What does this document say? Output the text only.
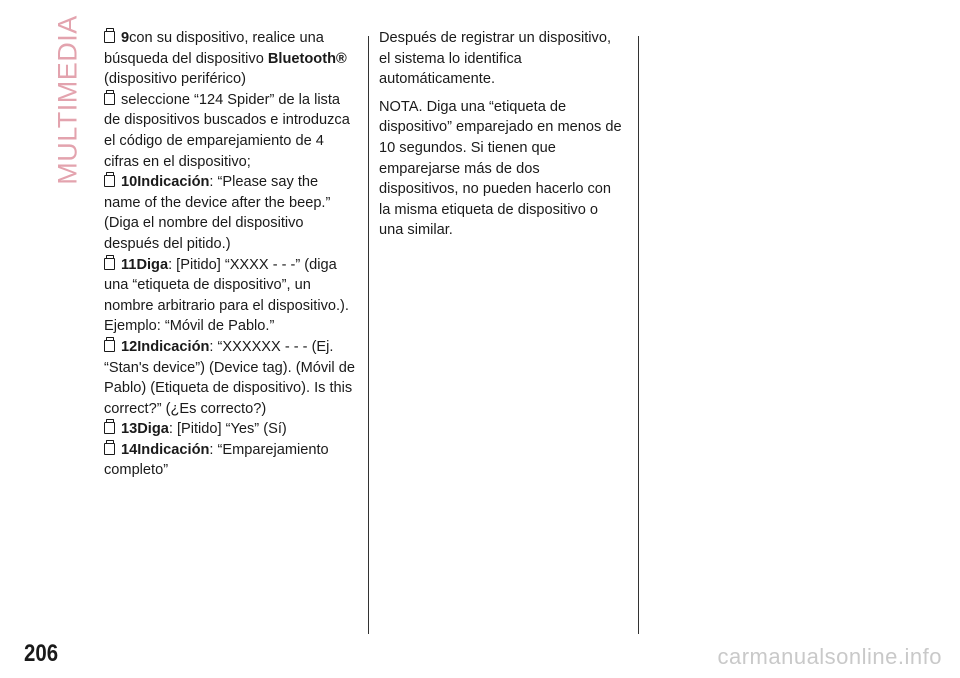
MULTIMEDIA	9con su dispositivo, realice una búsqueda del dispositivo Bluetooth® (dispositivo periférico)

seleccione “124 Spider” de la lista de dispositivos buscados e introduzca el código de emparejamiento de 4 cifras en el dispositivo;

10Indicación: “Please say the name of the device after the beep.” (Diga el nombre del dispositivo después del pitido.)

11Diga: [Pitido] “XXXX - - -” (diga una “etiqueta de dispositivo”, un nombre arbitrario para el dispositivo.). Ejemplo: “Móvil de Pablo.”

12Indicación: “XXXXXX - - - (Ej. “Stan's device”) (Device tag). (Móvil de Pablo) (Etiqueta de dispositivo). Is this correct?” (¿Es correcto?)

13Diga: [Pitido] “Yes” (Sí)

14Indicación: “Emparejamiento completo”

Después de registrar un dispositivo, el sistema lo identifica automáticamente.

NOTA. Diga una “etiqueta de dispositivo” emparejado en menos de 10 segundos. Si tienen que emparejarse más de dos dispositivos, no pueden hacerlo con la misma etiqueta de dispositivo o una similar.

206	carmanualsonline.info
